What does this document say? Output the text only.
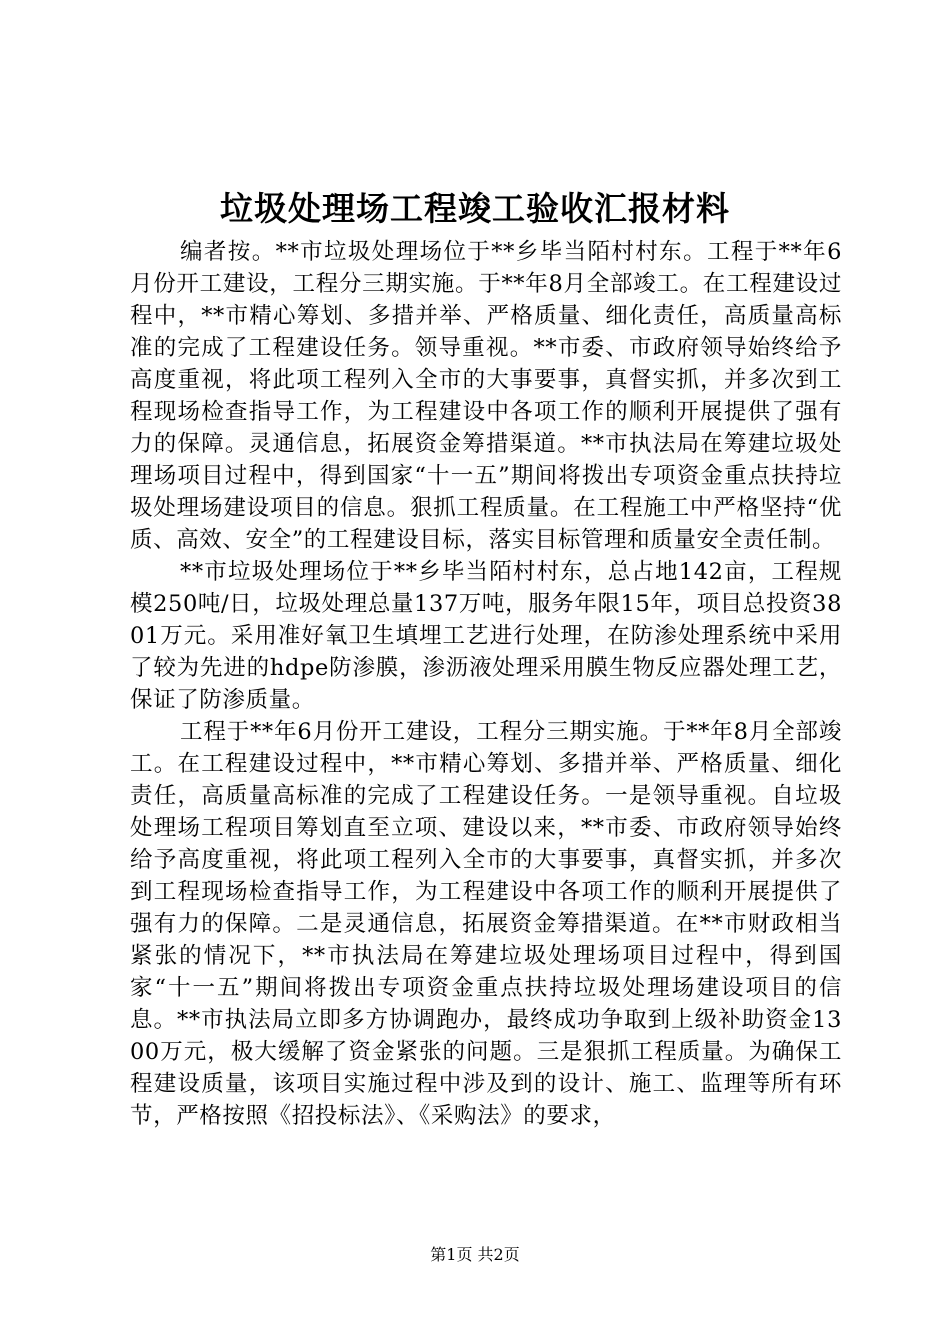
垃圾处理场工程竣工验收汇报材料

编者按。**市垃圾处理场位于**乡毕当陌村村东。工程于**年6月份开工建设，工程分三期实施。于**年8月全部竣工。在工程建设过程中，**市精心筹划、多措并举、严格质量、细化责任，高质量高标准的完成了工程建设任务。领导重视。**市委、市政府领导始终给予高度重视，将此项工程列入全市的大事要事，真督实抓，并多次到工程现场检查指导工作，为工程建设中各项工作的顺利开展提供了强有力的保障。灵通信息，拓展资金筹措渠道。**市执法局在筹建垃圾处理场项目过程中，得到国家“十一五”期间将拨出专项资金重点扶持垃圾处理场建设项目的信息。狠抓工程质量。在工程施工中严格坚持“优质、高效、安全”的工程建设目标，落实目标管理和质量安全责任制。

**市垃圾处理场位于**乡毕当陌村村东，总占地142亩，工程规模250吨/日，垃圾处理总量137万吨，服务年限15年，项目总投资3801万元。采用准好氧卫生填埋工艺进行处理，在防渗处理系统中采用了较为先进的hdpe防渗膜，渗沥液处理采用膜生物反应器处理工艺，保证了防渗质量。

工程于**年6月份开工建设，工程分三期实施。于**年8月全部竣工。在工程建设过程中，**市精心筹划、多措并举、严格质量、细化责任，高质量高标准的完成了工程建设任务。一是领导重视。自垃圾处理场工程项目筹划直至立项、建设以来，**市委、市政府领导始终给予高度重视，将此项工程列入全市的大事要事，真督实抓，并多次到工程现场检查指导工作，为工程建设中各项工作的顺利开展提供了强有力的保障。二是灵通信息，拓展资金筹措渠道。在**市财政相当紧张的情况下，**市执法局在筹建垃圾处理场项目过程中，得到国家“十一五”期间将拨出专项资金重点扶持垃圾处理场建设项目的信息。**市执法局立即多方协调跑办，最终成功争取到上级补助资金1300万元，极大缓解了资金紧张的问题。三是狠抓工程质量。为确保工程建设质量，该项目实施过程中涉及到的设计、施工、监理等所有环节，严格按照《招投标法》、《采购法》的要求，

第1页 共2页
